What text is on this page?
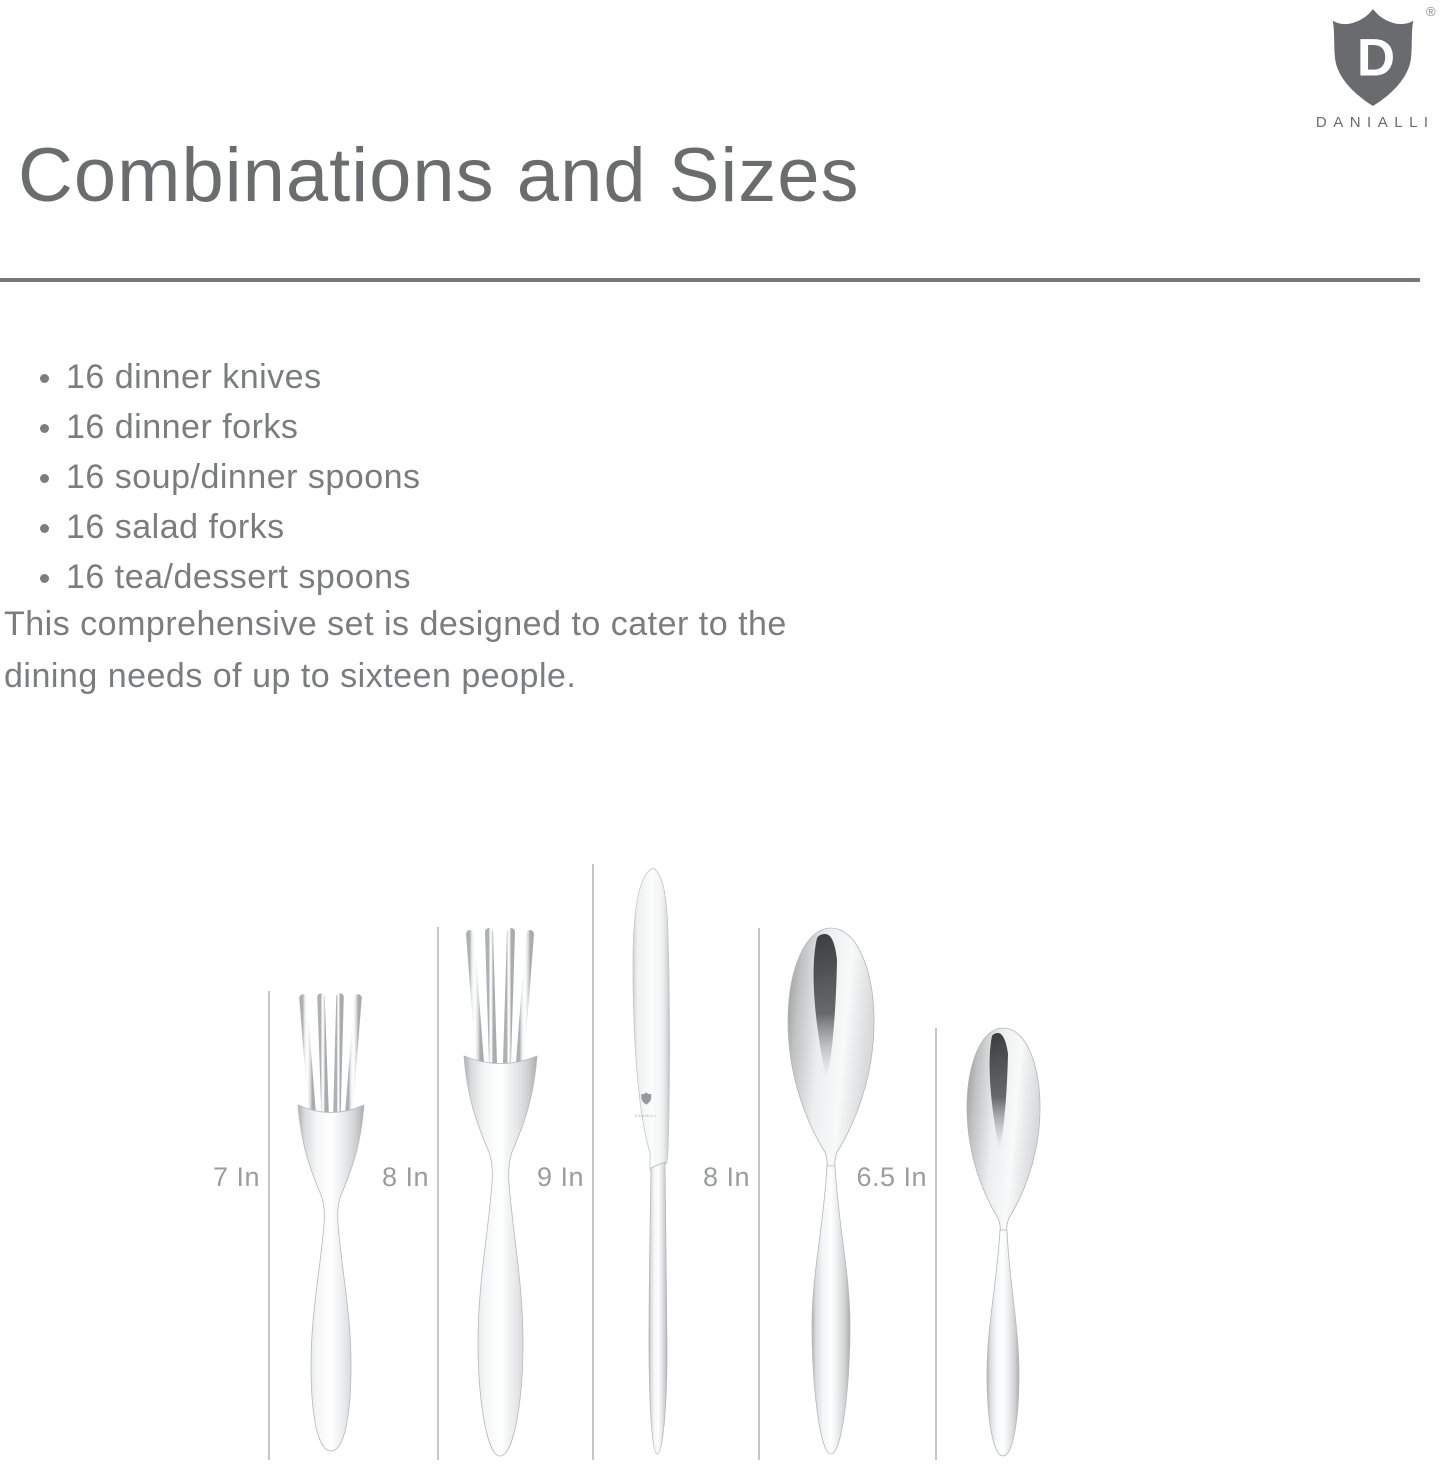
D
®
DANIALLI
Combinations and Sizes
16 dinner knives
16 dinner forks
16 soup/dinner spoons
16 salad forks
16 tea/dessert spoons
This comprehensive set is designed to cater to the
dining needs of up to sixteen people.
7 In	8 In	9 In	8 In	6.5 In
DANIALLI
